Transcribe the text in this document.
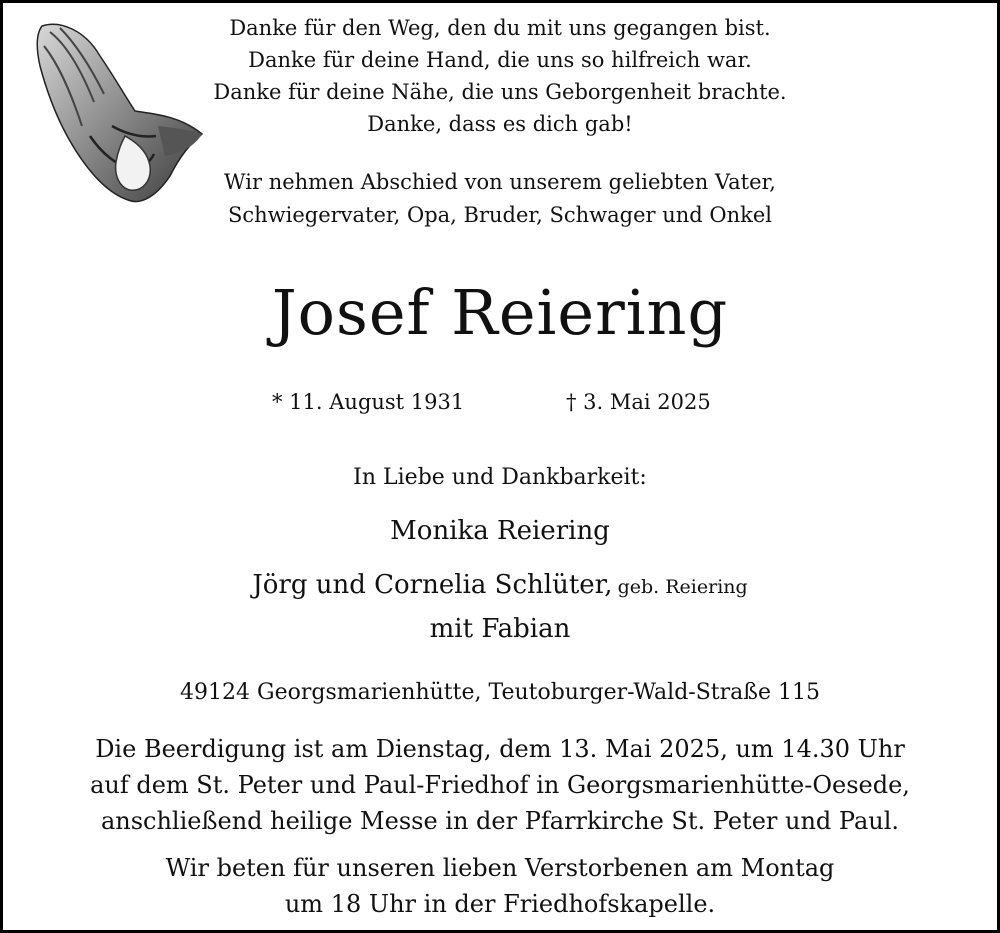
Danke für den Weg, den du mit uns gegangen bist.
Danke für deine Hand, die uns so hilfreich war.
Danke für deine Nähe, die uns Geborgenheit brachte.
Danke, dass es dich gab!
Wir nehmen Abschied von unserem geliebten Vater,
Schwiegervater, Opa, Bruder, Schwager und Onkel
Josef Reiering
* 11. August 1931	† 3. Mai 2025
In Liebe und Dankbarkeit:
Monika Reiering
Jörg und Cornelia Schlüter, geb. Reiering
mit Fabian
49124 Georgsmarienhütte, Teutoburger-Wald-Straße 115
Die Beerdigung ist am Dienstag, dem 13. Mai 2025, um 14.30 Uhr
auf dem St. Peter und Paul-Friedhof in Georgsmarienhütte-Oesede,
anschließend heilige Messe in der Pfarrkirche St. Peter und Paul.
Wir beten für unseren lieben Verstorbenen am Montag
um 18 Uhr in der Friedhofskapelle.
